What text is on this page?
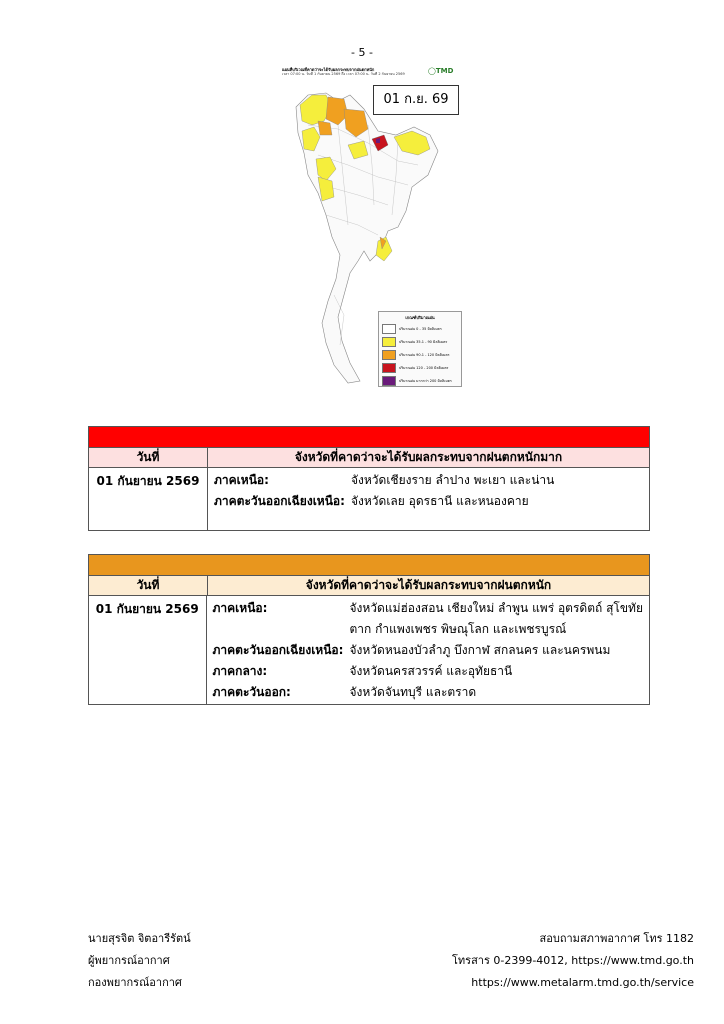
- 5 -
แผนที่บริเวณที่คาดว่าจะได้รับผลกระทบจากฝนตกหนัก
เวลา 07:00 น. วันที่ 1 กันยายน 2569 ถึง เวลา 07:00 น. วันที่ 2 กันยายน 2569	◯TMD
01 ก.ย. 69
เกณฑ์ปริมาณฝน
ปริมาณฝน 0 - 35 มิลลิเมตร
ปริมาณฝน 35.1 - 90 มิลลิเมตร
ปริมาณฝน 90.1 - 120 มิลลิเมตร
ปริมาณฝน 120 - 200 มิลลิเมตร
ปริมาณฝน มากกว่า 200 มิลลิเมตร
วันที่	จังหวัดที่คาดว่าจะได้รับผลกระทบจากฝนตกหนักมาก
01 กันยายน 2569	ภาคเหนือ:	จังหวัดเชียงราย ลำปาง พะเยา และน่าน
ภาคตะวันออกเฉียงเหนือ: จังหวัดเลย อุดรธานี และหนองคาย
วันที่	จังหวัดที่คาดว่าจะได้รับผลกระทบจากฝนตกหนัก
01 กันยายน 2569	ภาคเหนือ:	จังหวัดแม่ฮ่องสอน เชียงใหม่ ลำพูน แพร่ อุตรดิตถ์ สุโขทัย
ตาก กำแพงเพชร พิษณุโลก และเพชรบูรณ์
ภาคตะวันออกเฉียงเหนือ: จังหวัดหนองบัวลำภู บึงกาฬ สกลนคร และนครพนม
ภาคกลาง:	จังหวัดนครสวรรค์ และอุทัยธานี
ภาคตะวันออก:	จังหวัดจันทบุรี และตราด
นายสุรจิต จิตอารีรัตน์
ผู้พยากรณ์อากาศ
กองพยากรณ์อากาศ
สอบถามสภาพอากาศ โทร 1182
โทรสาร 0-2399-4012, https://www.tmd.go.th
https://www.metalarm.tmd.go.th/service
